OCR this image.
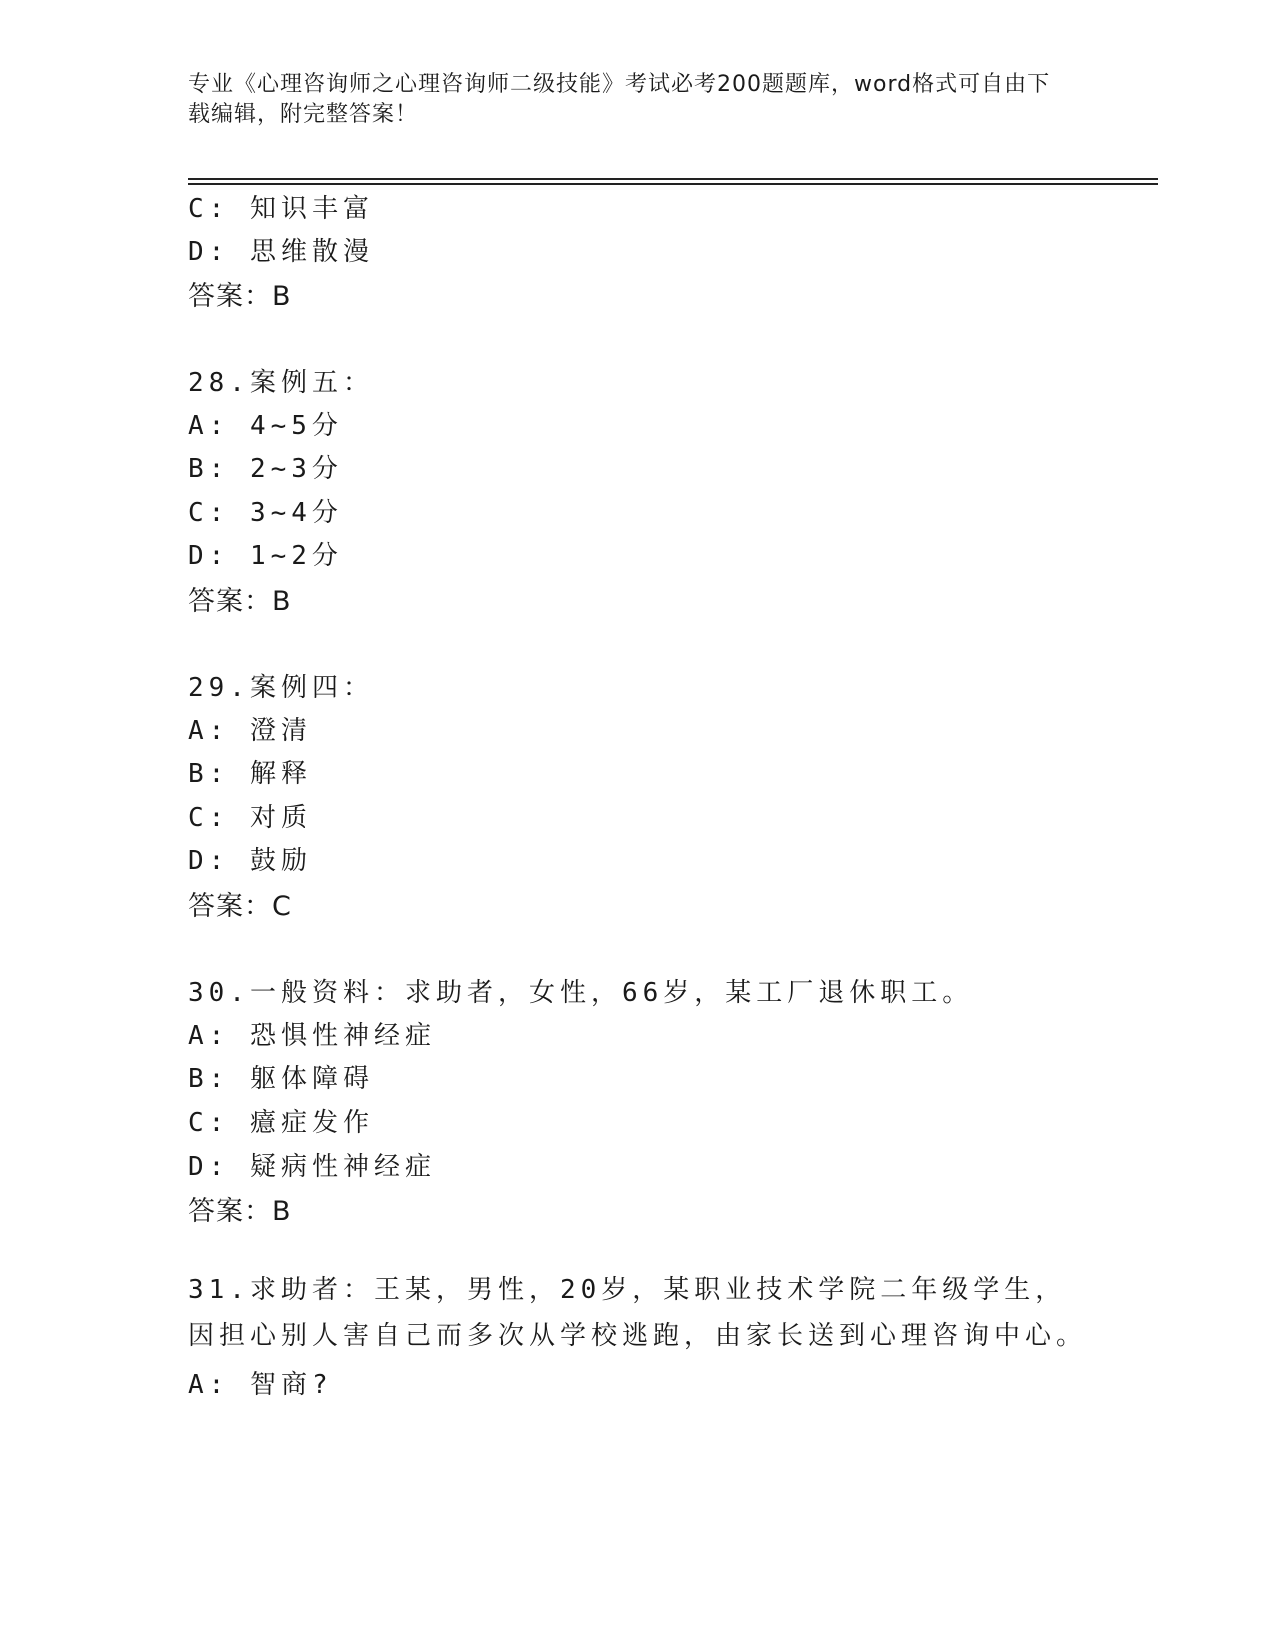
专业《心理咨询师之心理咨询师二级技能》考试必考200题题库，word格式可自由下载编辑，附完整答案！
C: 知识丰富
D: 思维散漫
答案：B
28.案例五：
A: 4~5分
B: 2~3分
C: 3~4分
D: 1~2分
答案：B
29.案例四：
A: 澄清
B: 解释
C: 对质
D: 鼓励
答案：C
30.一般资料：求助者，女性，66岁，某工厂退休职工。
A: 恐惧性神经症
B: 躯体障碍
C: 癔症发作
D: 疑病性神经症
答案：B
31.求助者：王某，男性，20岁，某职业技术学院二年级学生，因担心别人害自己而多次从学校逃跑，由家长送到心理咨询中心。
A: 智商?
